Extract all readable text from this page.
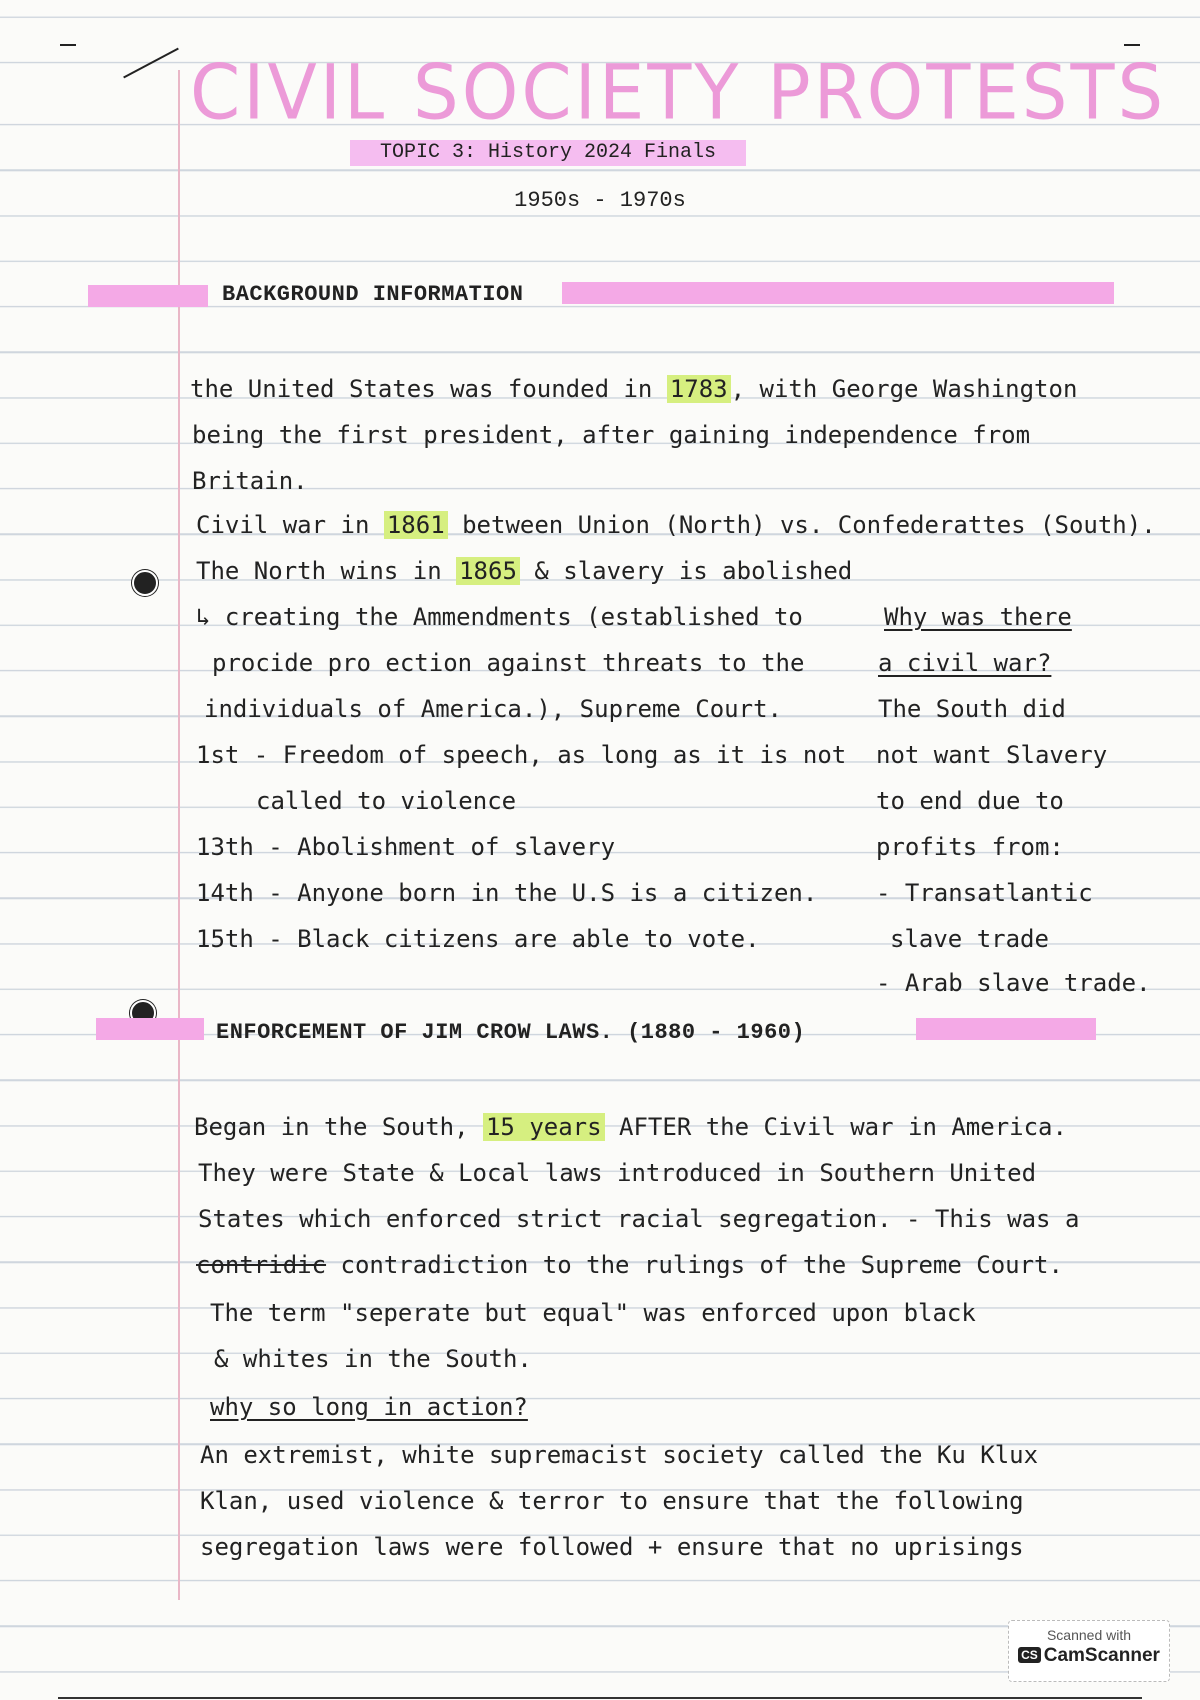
CIVIL SOCIETY PROTESTS
TOPIC 3: History 2024 Finals
1950s - 1970s
BACKGROUND INFORMATION
the United States was founded in 1783 , with George Washington
being the first president, after gaining independence from
Britain.
Civil war in 1861 between Union (North) vs. Confederattes (South).
The North wins in 1865 & slavery is abolished
↳ creating the Ammendments (established to
procide pro ection against threats to the
individuals of America.), Supreme Court.
1st - Freedom of speech, as long as it is not
called to violence
13th - Abolishment of slavery
14th - Anyone born in the U.S is a citizen.
15th - Black citizens are able to vote.
Why was there
a civil war?
The South did
not want Slavery
to end due to
profits from:
- Transatlantic
slave trade
- Arab slave trade.
ENFORCEMENT OF JIM CROW LAWS. (1880 - 1960)
Began in the South, 15 years AFTER the Civil war in America.
They were State & Local laws introduced in Southern United
States which enforced strict racial segregation. - This was a
contridic contradiction to the rulings of the Supreme Court.
The term "seperate but equal" was enforced upon black
& whites in the South.
why so long in action?
An extremist, white supremacist society called the Ku Klux
Klan, used violence & terror to ensure that the following
segregation laws were followed + ensure that no uprisings
Scanned with
CS CamScanner
